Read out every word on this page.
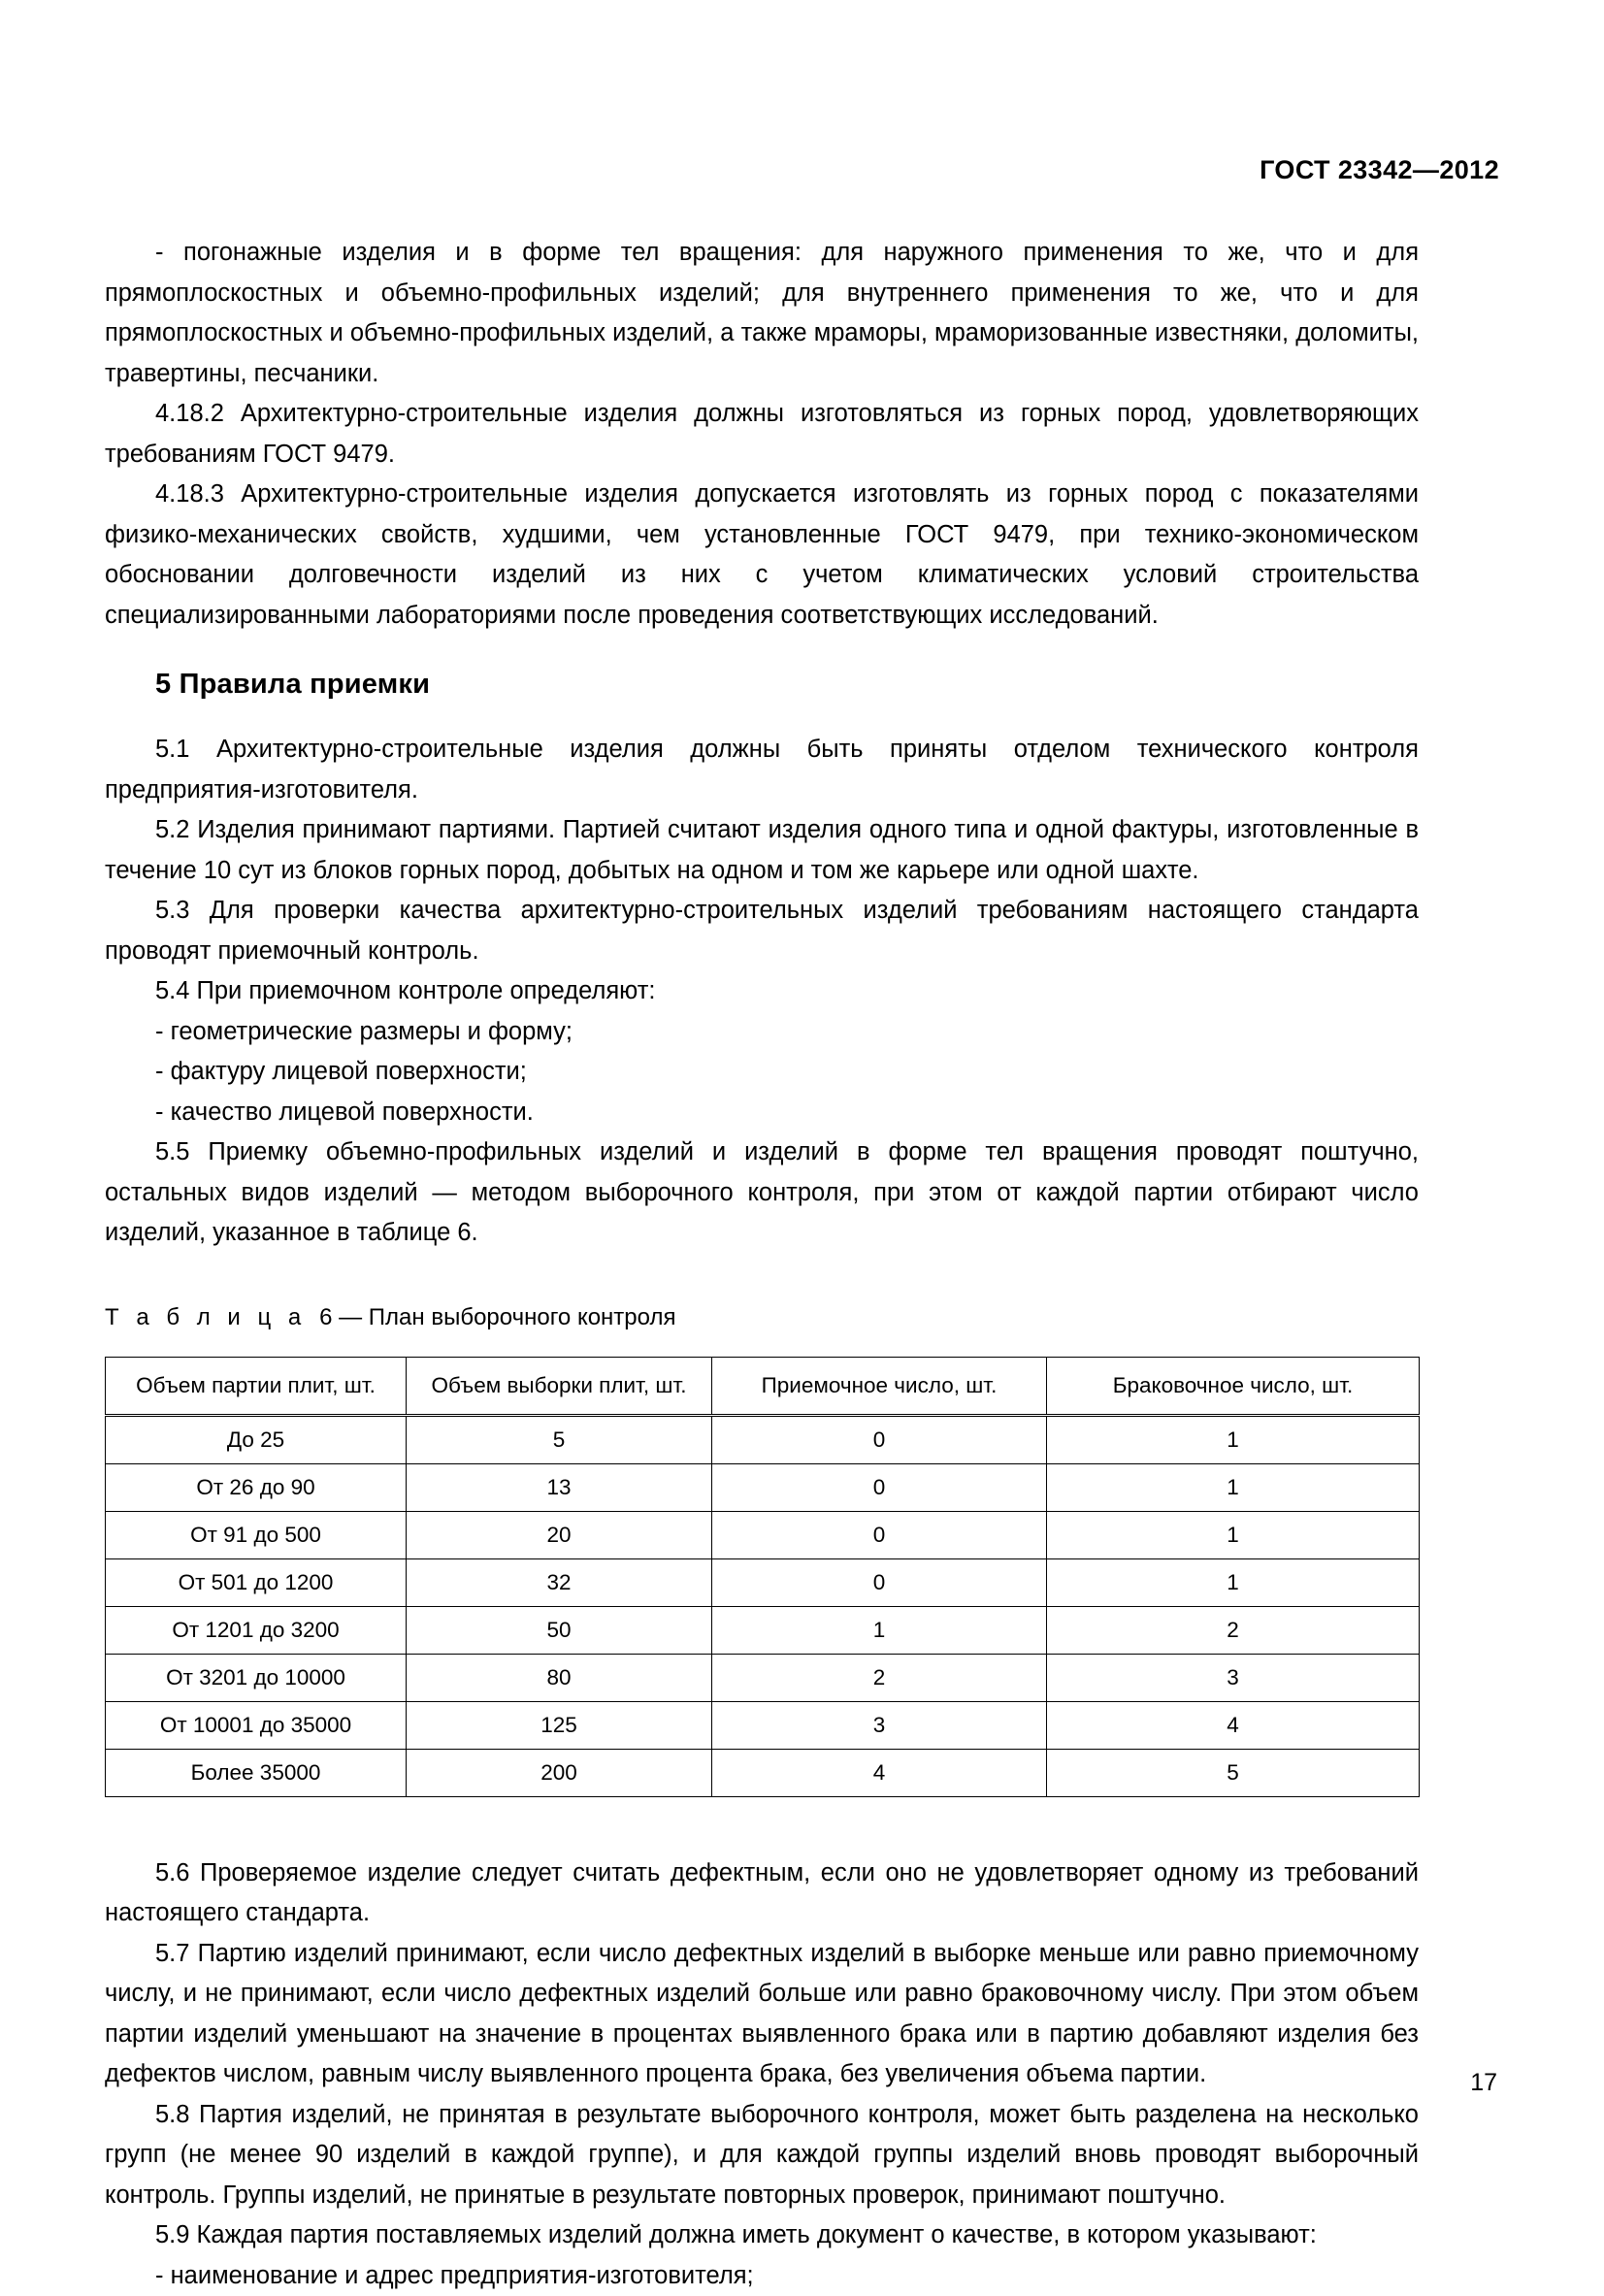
ГОСТ 23342—2012

- погонажные изделия и в форме тел вращения: для наружного применения то же, что и для прямоплоскостных и объемно-профильных изделий; для внутреннего применения то же, что и для прямоплоскостных и объемно-профильных изделий, а также мраморы, мраморизованные известняки, доломиты, травертины, песчаники.

4.18.2 Архитектурно-строительные изделия должны изготовляться из горных пород, удовлетворяющих требованиям ГОСТ 9479.

4.18.3 Архитектурно-строительные изделия допускается изготовлять из горных пород с показателями физико-механических свойств, худшими, чем установленные ГОСТ 9479, при технико-экономическом обосновании долговечности изделий из них с учетом климатических условий строительства специализированными лабораториями после проведения соответствующих исследований.

5 Правила приемки

5.1 Архитектурно-строительные изделия должны быть приняты отделом технического контроля предприятия-изготовителя.

5.2 Изделия принимают партиями. Партией считают изделия одного типа и одной фактуры, изготовленные в течение 10 сут из блоков горных пород, добытых на одном и том же карьере или одной шахте.

5.3 Для проверки качества архитектурно-строительных изделий требованиям настоящего стандарта проводят приемочный контроль.

5.4 При приемочном контроле определяют:

- геометрические размеры и форму;

- фактуру лицевой поверхности;

- качество лицевой поверхности.

5.5 Приемку объемно-профильных изделий и изделий в форме тел вращения проводят поштучно, остальных видов изделий — методом выборочного контроля, при этом от каждой партии отбирают число изделий, указанное в таблице 6.

Т а б л и ц а 6 — План выборочного контроля

Объем партии плит, шт.	Объем выборки плит, шт.	Приемочное число, шт.	Браковочное число, шт.
До 25	5	0	1
От 26 до 90	13	0	1
От 91 до 500	20	0	1
От 501 до 1200	32	0	1
От 1201 до 3200	50	1	2
От 3201 до 10000	80	2	3
От 10001 до 35000	125	3	4
Более 35000	200	4	5

5.6 Проверяемое изделие следует считать дефектным, если оно не удовлетворяет одному из требований настоящего стандарта.

5.7 Партию изделий принимают, если число дефектных изделий в выборке меньше или равно приемочному числу, и не принимают, если число дефектных изделий больше или равно браковочному числу. При этом объем партии изделий уменьшают на значение в процентах выявленного брака или в партию добавляют изделия без дефектов числом, равным числу выявленного процента брака, без увеличения объема партии.

5.8 Партия изделий, не принятая в результате выборочного контроля, может быть разделена на несколько групп (не менее 90 изделий в каждой группе), и для каждой группы изделий вновь проводят выборочный контроль. Группы изделий, не принятые в результате повторных проверок, принимают поштучно.

5.9 Каждая партия поставляемых изделий должна иметь документ о качестве, в котором указывают:

- наименование и адрес предприятия-изготовителя;

17
